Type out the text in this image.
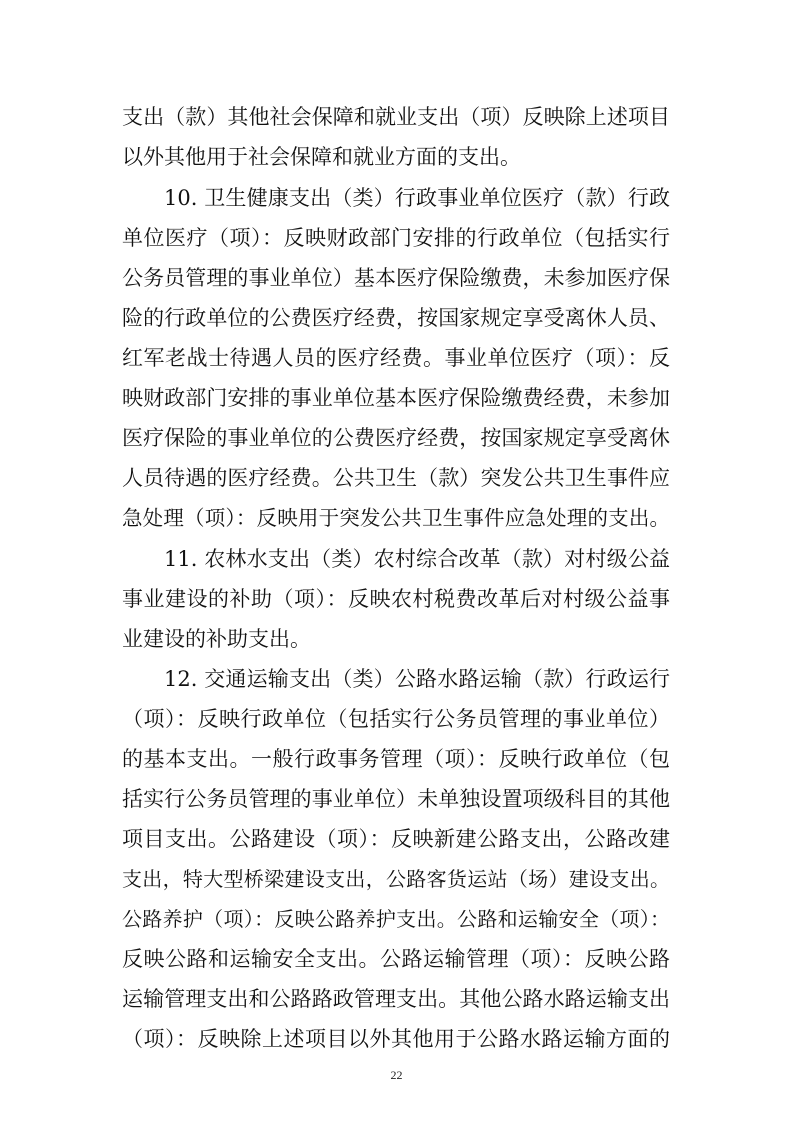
支出（款）其他社会保障和就业支出（项）反映除上述项目
以外其他用于社会保障和就业方面的支出。
10. 卫生健康支出（类）行政事业单位医疗（款）行政
单位医疗（项）：反映财政部门安排的行政单位（包括实行
公务员管理的事业单位）基本医疗保险缴费，未参加医疗保
险的行政单位的公费医疗经费，按国家规定享受离休人员、
红军老战士待遇人员的医疗经费。事业单位医疗（项）：反
映财政部门安排的事业单位基本医疗保险缴费经费，未参加
医疗保险的事业单位的公费医疗经费，按国家规定享受离休
人员待遇的医疗经费。公共卫生（款）突发公共卫生事件应
急处理（项）：反映用于突发公共卫生事件应急处理的支出。
11. 农林水支出（类）农村综合改革（款）对村级公益
事业建设的补助（项）：反映农村税费改革后对村级公益事
业建设的补助支出。
12. 交通运输支出（类）公路水路运输（款）行政运行
（项）：反映行政单位（包括实行公务员管理的事业单位）
的基本支出。一般行政事务管理（项）：反映行政单位（包
括实行公务员管理的事业单位）未单独设置项级科目的其他
项目支出。公路建设（项）：反映新建公路支出，公路改建
支出，特大型桥梁建设支出，公路客货运站（场）建设支出。
公路养护（项）：反映公路养护支出。公路和运输安全（项）：
反映公路和运输安全支出。公路运输管理（项）：反映公路
运输管理支出和公路路政管理支出。其他公路水路运输支出
（项）：反映除上述项目以外其他用于公路水路运输方面的
22
